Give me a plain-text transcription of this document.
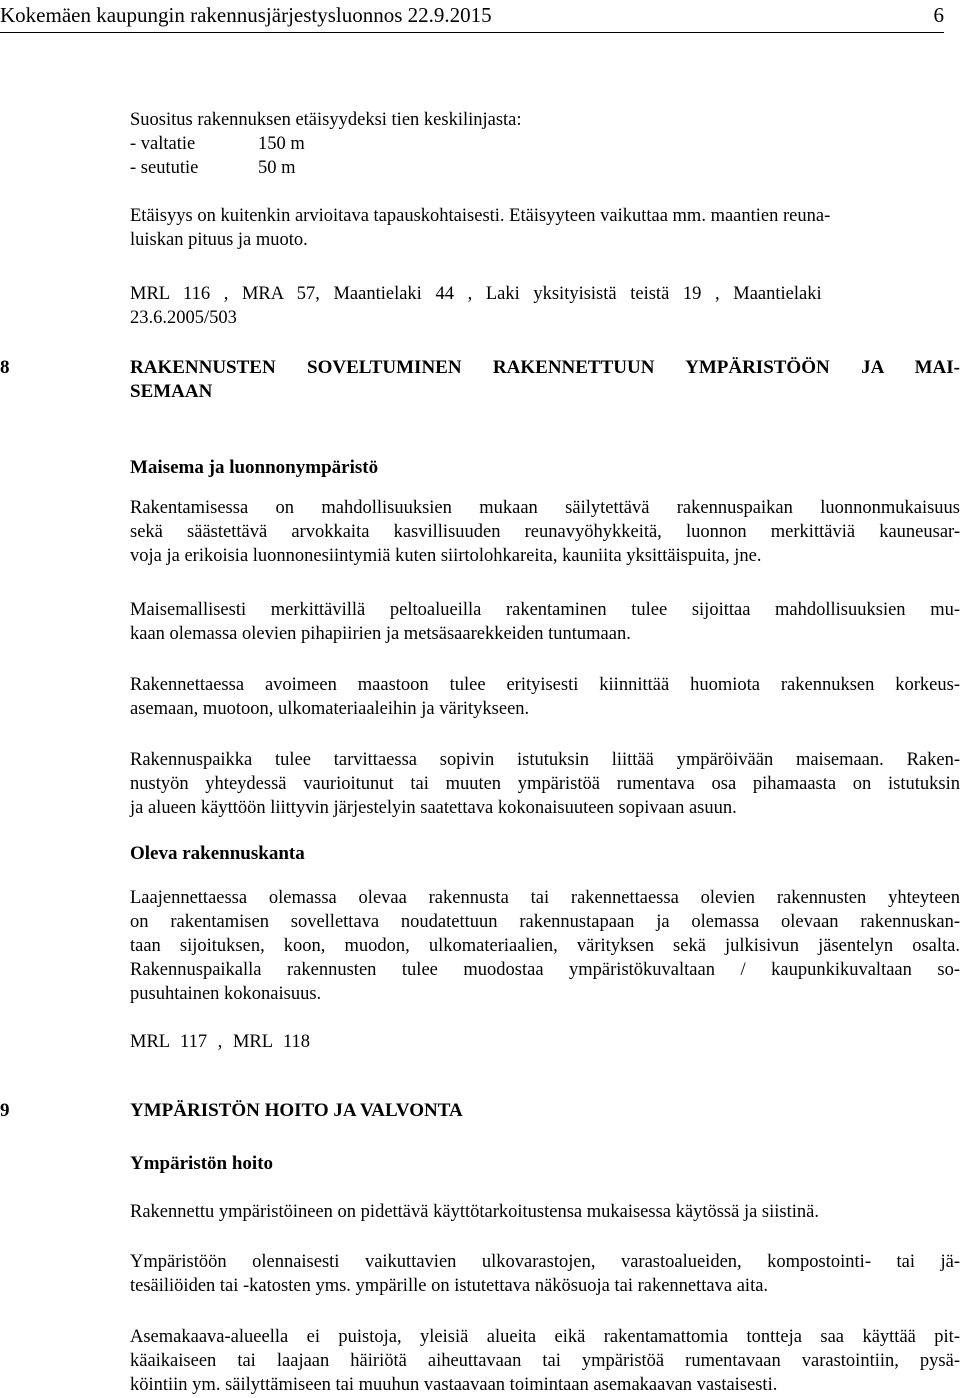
Kokemäen kaupungin rakennusjärjestysluonnos 22.9.2015	6

Suositus rakennuksen etäisyydeksi tien keskilinjasta:

- valtatie	150 m
- seututie	50 m

Etäisyys on kuitenkin arvioitava tapauskohtaisesti. Etäisyyteen vaikuttaa mm. maantien reuna-

luiskan pituus ja muoto.

MRL 116 , MRA 57, Maantielaki 44 , Laki yksityisistä teistä 19 , Maantielaki

23.6.2005/503

8	RAKENNUSTEN SOVELTUMINEN RAKENNETTUUN YMPÄRISTÖÖN JA MAI-
SEMAAN
Maisema ja luonnonympäristö

Rakentamisessa on mahdollisuuksien mukaan säilytettävä rakennuspaikan luonnonmukaisuus

sekä säästettävä arvokkaita kasvillisuuden reunavyöhykkeitä, luonnon merkittäviä kauneusar-

voja ja erikoisia luonnonesiintymiä kuten siirtolohkareita, kauniita yksittäispuita, jne.

Maisemallisesti merkittävillä peltoalueilla rakentaminen tulee sijoittaa mahdollisuuksien mu-

kaan olemassa olevien pihapiirien ja metsäsaarekkeiden tuntumaan.

Rakennettaessa avoimeen maastoon tulee erityisesti kiinnittää huomiota rakennuksen korkeus-

asemaan, muotoon, ulkomateriaaleihin ja väritykseen.

Rakennuspaikka tulee tarvittaessa sopivin istutuksin liittää ympäröivään maisemaan. Raken-

nustyön yhteydessä vaurioitunut tai muuten ympäristöä rumentava osa pihamaasta on istutuksin

ja alueen käyttöön liittyvin järjestelyin saatettava kokonaisuuteen sopivaan asuun.

Oleva rakennuskanta

Laajennettaessa olemassa olevaa rakennusta tai rakennettaessa olevien rakennusten yhteyteen

on rakentamisen sovellettava noudatettuun rakennustapaan ja olemassa olevaan rakennuskan-

taan sijoituksen, koon, muodon, ulkomateriaalien, värityksen sekä julkisivun jäsentelyn osalta.

Rakennuspaikalla rakennusten tulee muodostaa ympäristökuvaltaan / kaupunkikuvaltaan so-

pusuhtainen kokonaisuus.

MRL 117 , MRL 118

9	YMPÄRISTÖN HOITO JA VALVONTA
Ympäristön hoito

Rakennettu ympäristöineen on pidettävä käyttötarkoitustensa mukaisessa käytössä ja siistinä.

Ympäristöön olennaisesti vaikuttavien ulkovarastojen, varastoalueiden, kompostointi- tai jä-

tesäiliöiden tai -katosten yms. ympärille on istutettava näkösuoja tai rakennettava aita.

Asemakaava-alueella ei puistoja, yleisiä alueita eikä rakentamattomia tontteja saa käyttää pit-

käaikaiseen tai laajaan häiriötä aiheuttavaan tai ympäristöä rumentavaan varastointiin, pysä-

köintiin ym. säilyttämiseen tai muuhun vastaavaan toimintaan asemakaavan vastaisesti.
